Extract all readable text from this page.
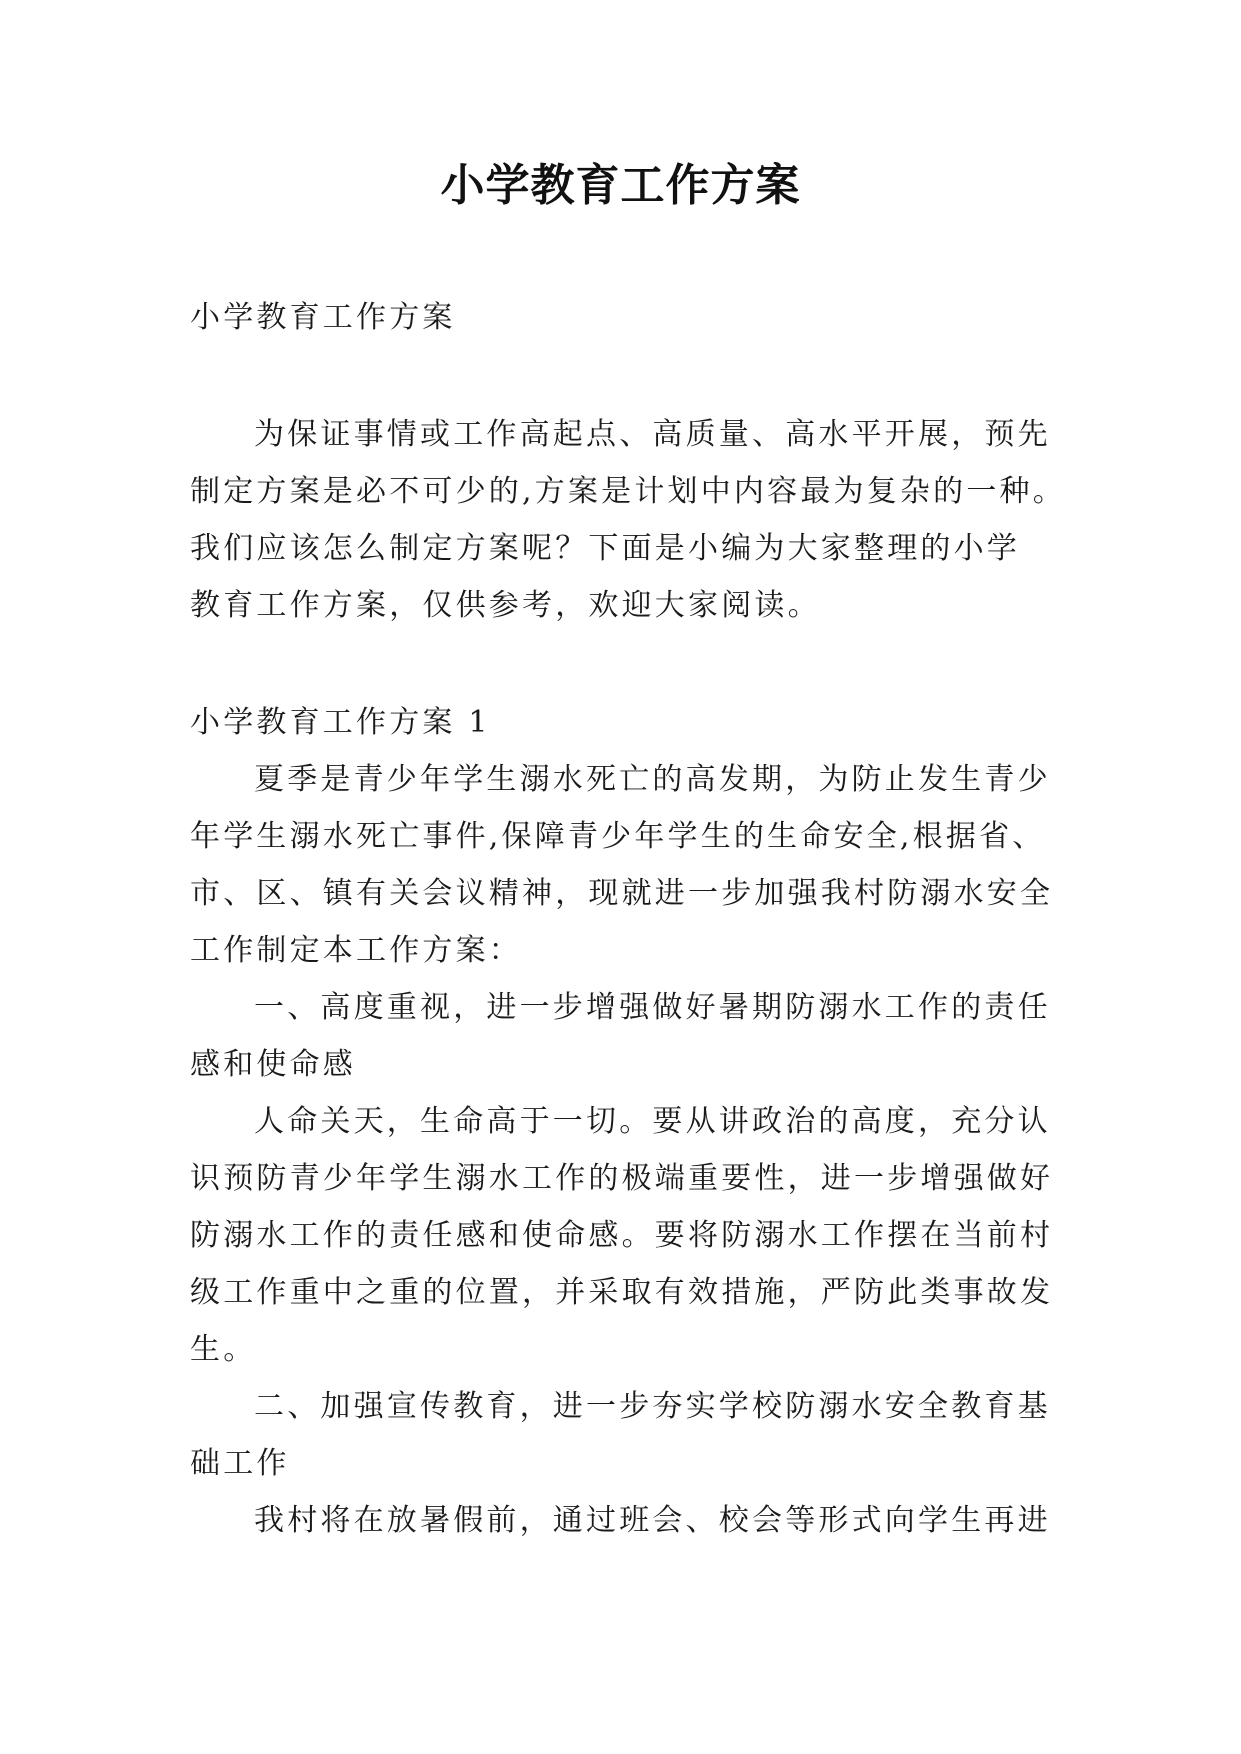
小学教育工作方案
小学教育工作方案
为保证事情或工作高起点、高质量、高水平开展，预先
制定方案是必不可少的,方案是计划中内容最为复杂的一种。
我们应该怎么制定方案呢？下面是小编为大家整理的小学
教育工作方案，仅供参考，欢迎大家阅读。
小学教育工作方案 1
夏季是青少年学生溺水死亡的高发期，为防止发生青少
年学生溺水死亡事件,保障青少年学生的生命安全,根据省、
市、区、镇有关会议精神，现就进一步加强我村防溺水安全
工作制定本工作方案：
一、高度重视，进一步增强做好暑期防溺水工作的责任
感和使命感
人命关天，生命高于一切。要从讲政治的高度，充分认
识预防青少年学生溺水工作的极端重要性，进一步增强做好
防溺水工作的责任感和使命感。要将防溺水工作摆在当前村
级工作重中之重的位置，并采取有效措施，严防此类事故发
生。
二、加强宣传教育，进一步夯实学校防溺水安全教育基
础工作
我村将在放暑假前，通过班会、校会等形式向学生再进
